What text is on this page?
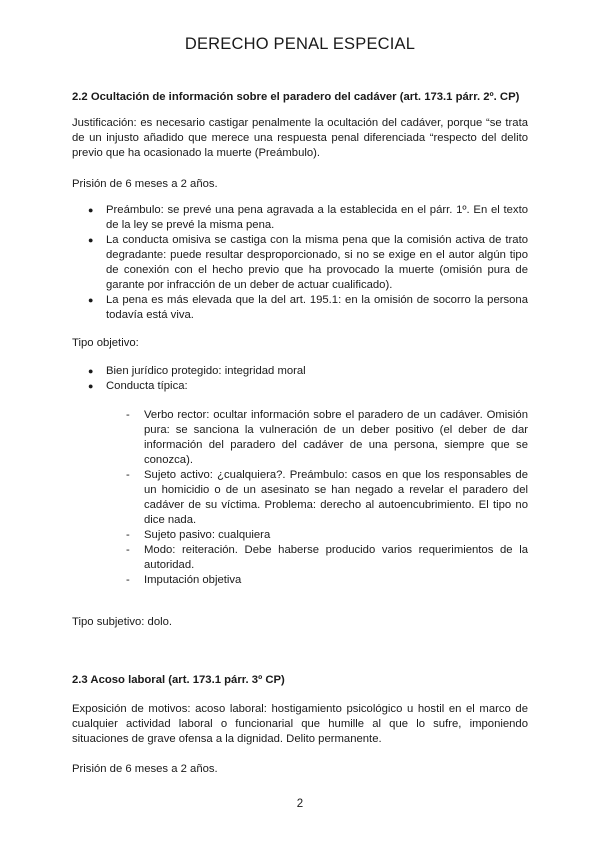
DERECHO PENAL ESPECIAL

2.2 Ocultación de información sobre el paradero del cadáver (art. 173.1 párr. 2º. CP)

Justificación: es necesario castigar penalmente la ocultación del cadáver, porque “se trata de un injusto añadido que merece una respuesta penal diferenciada “respecto del delito previo que ha ocasionado la muerte (Preámbulo).

Prisión de 6 meses a 2 años.

● Preámbulo: se prevé una pena agravada a la establecida en el párr. 1º. En el texto de la ley se prevé la misma pena.
● La conducta omisiva se castiga con la misma pena que la comisión activa de trato degradante: puede resultar desproporcionado, si no se exige en el autor algún tipo de conexión con el hecho previo que ha provocado la muerte (omisión pura de garante por infracción de un deber de actuar cualificado).
● La pena es más elevada que la del art. 195.1: en la omisión de socorro la persona todavía está viva.

Tipo objetivo:

● Bien jurídico protegido: integridad moral
● Conducta típica:
- Verbo rector: ocultar información sobre el paradero de un cadáver. Omisión pura: se sanciona la vulneración de un deber positivo (el deber de dar información del paradero del cadáver de una persona, siempre que se conozca).
- Sujeto activo: ¿cualquiera?. Preámbulo: casos en que los responsables de un homicidio o de un asesinato se han negado a revelar el paradero del cadáver de su víctima. Problema: derecho al autoencubrimiento. El tipo no dice nada.
- Sujeto pasivo: cualquiera
- Modo: reiteración. Debe haberse producido varios requerimientos de la autoridad.
- Imputación objetiva

Tipo subjetivo: dolo.

2.3 Acoso laboral (art. 173.1 párr. 3º CP)

Exposición de motivos: acoso laboral: hostigamiento psicológico u hostil en el marco de cualquier actividad laboral o funcionarial que humille al que lo sufre, imponiendo situaciones de grave ofensa a la dignidad. Delito permanente.

Prisión de 6 meses a 2 años.

2
